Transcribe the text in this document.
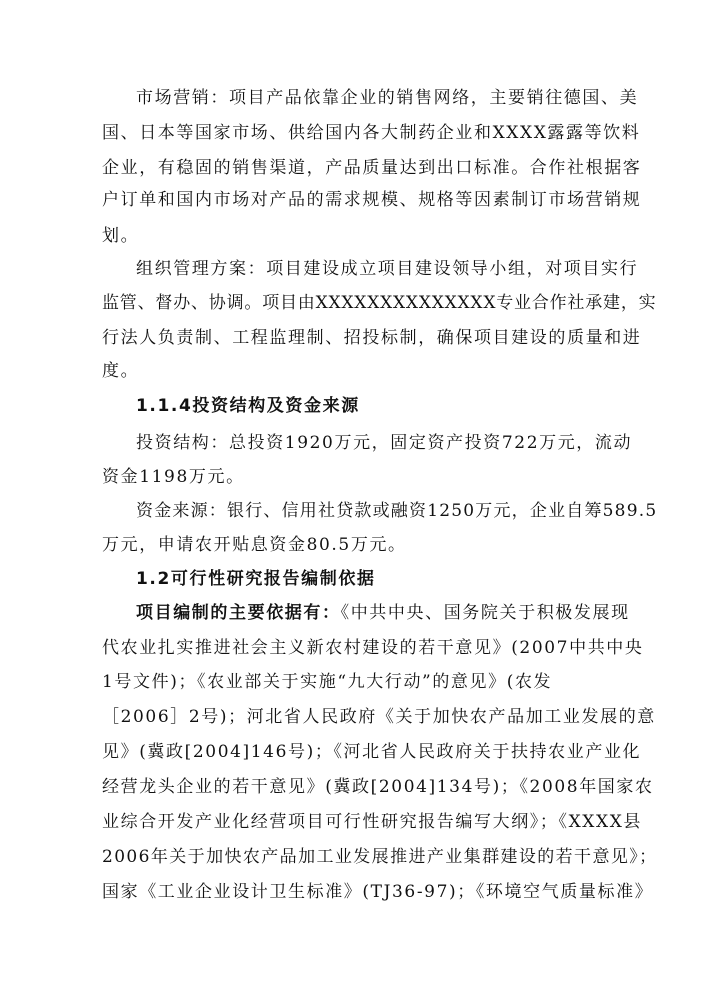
市场营销：项目产品依靠企业的销售网络，主要销往德国、美
国、日本等国家市场、供给国内各大制药企业和XXXX露露等饮料
企业，有稳固的销售渠道，产品质量达到出口标准。合作社根据客
户订单和国内市场对产品的需求规模、规格等因素制订市场营销规
划。
组织管理方案：项目建设成立项目建设领导小组，对项目实行
监管、督办、协调。项目由XXXXXXXXXXXXXX专业合作社承建，实
行法人负责制、工程监理制、招投标制，确保项目建设的质量和进
度。
1.1.4投资结构及资金来源
投资结构：总投资1920万元，固定资产投资722万元，流动
资金1198万元。
资金来源：银行、信用社贷款或融资1250万元，企业自筹589.5
万元，申请农开贴息资金80.5万元。
1.2可行性研究报告编制依据
项目编制的主要依据有：《中共中央、国务院关于积极发展现
代农业扎实推进社会主义新农村建设的若干意见》(2007中共中央
1号文件)；《农业部关于实施“九大行动”的意见》(农发
［2006］2号)；河北省人民政府《关于加快农产品加工业发展的意
见》(冀政[2004]146号)；《河北省人民政府关于扶持农业产业化
经营龙头企业的若干意见》(冀政[2004]134号)；《2008年国家农
业综合开发产业化经营项目可行性研究报告编写大纲》；《XXXX县
2006年关于加快农产品加工业发展推进产业集群建设的若干意见》；
国家《工业企业设计卫生标准》(TJ36-97)；《环境空气质量标准》
